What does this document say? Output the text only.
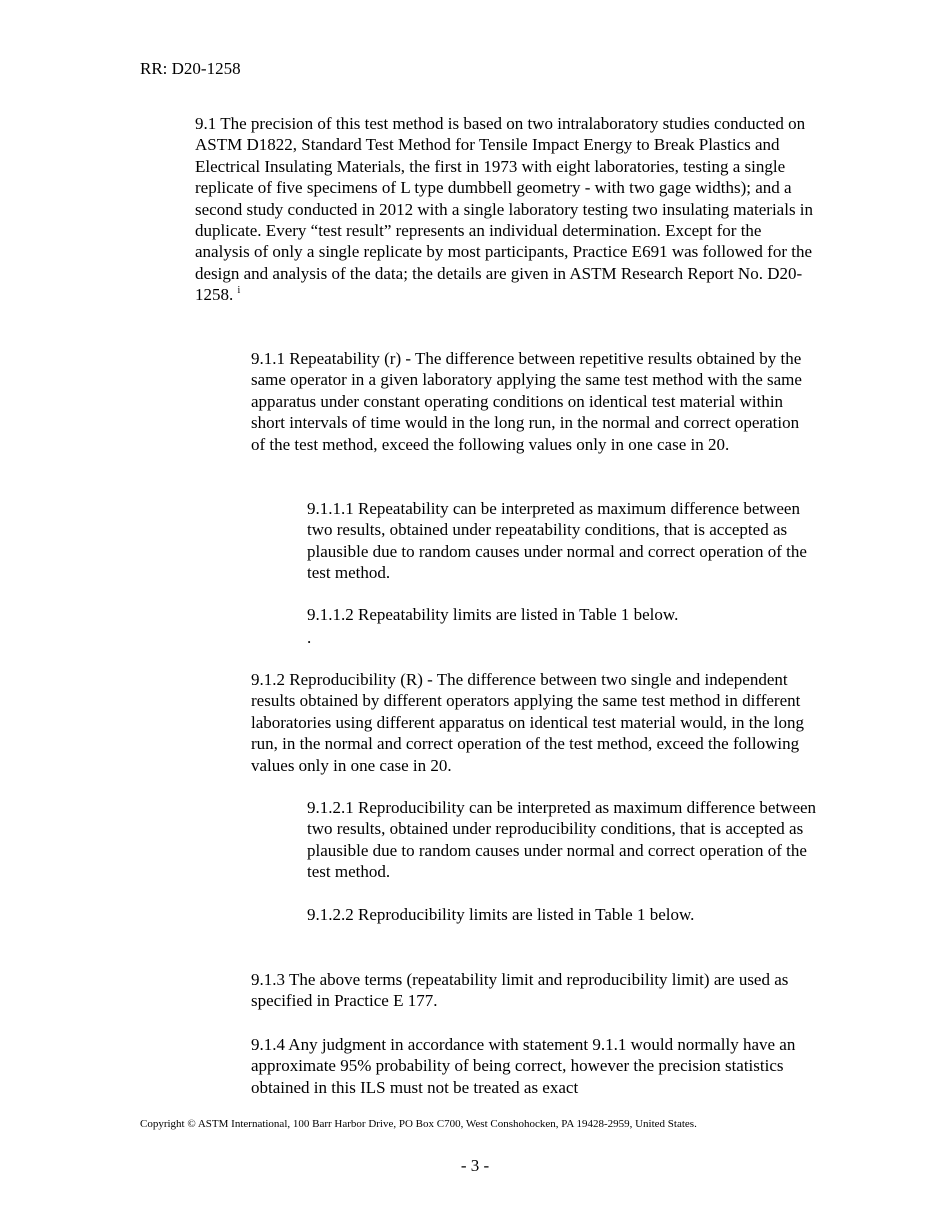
RR: D20-1258

9.1 The precision of this test method is based on two intralaboratory studies conducted on ASTM D1822, Standard Test Method for Tensile Impact Energy to Break Plastics and Electrical Insulating Materials, the first in 1973 with eight laboratories, testing a single replicate of five specimens of L type dumbbell geometry - with two gage widths); and a second study conducted in 2012 with a single laboratory testing two insulating materials in duplicate. Every “test result” represents an individual determination. Except for the analysis of only a single replicate by most participants, Practice E691 was followed for the design and analysis of the data; the details are given in ASTM Research Report No. D20-1258. $^i$

9.1.1 Repeatability (r) - The difference between repetitive results obtained by the same operator in a given laboratory applying the same test method with the same apparatus under constant operating conditions on identical test material within short intervals of time would in the long run, in the normal and correct operation of the test method, exceed the following values only in one case in 20.

9.1.1.1 Repeatability can be interpreted as maximum difference between two results, obtained under repeatability conditions, that is accepted as plausible due to random causes under normal and correct operation of the test method.

9.1.1.2 Repeatability limits are listed in Table 1 below.

.

9.1.2 Reproducibility (R) - The difference between two single and independent results obtained by different operators applying the same test method in different laboratories using different apparatus on identical test material would, in the long run, in the normal and correct operation of the test method, exceed the following values only in one case in 20.

9.1.2.1 Reproducibility can be interpreted as maximum difference between two results, obtained under reproducibility conditions, that is accepted as plausible due to random causes under normal and correct operation of the test method.

9.1.2.2 Reproducibility limits are listed in Table 1 below.

9.1.3 The above terms (repeatability limit and reproducibility limit) are used as specified in Practice E 177.

9.1.4 Any judgment in accordance with statement 9.1.1 would normally have an approximate 95% probability of being correct, however the precision statistics obtained in this ILS must not be treated as exact

Copyright © ASTM International, 100 Barr Harbor Drive, PO Box C700, West Conshohocken, PA 19428-2959, United States.
- 3 -
